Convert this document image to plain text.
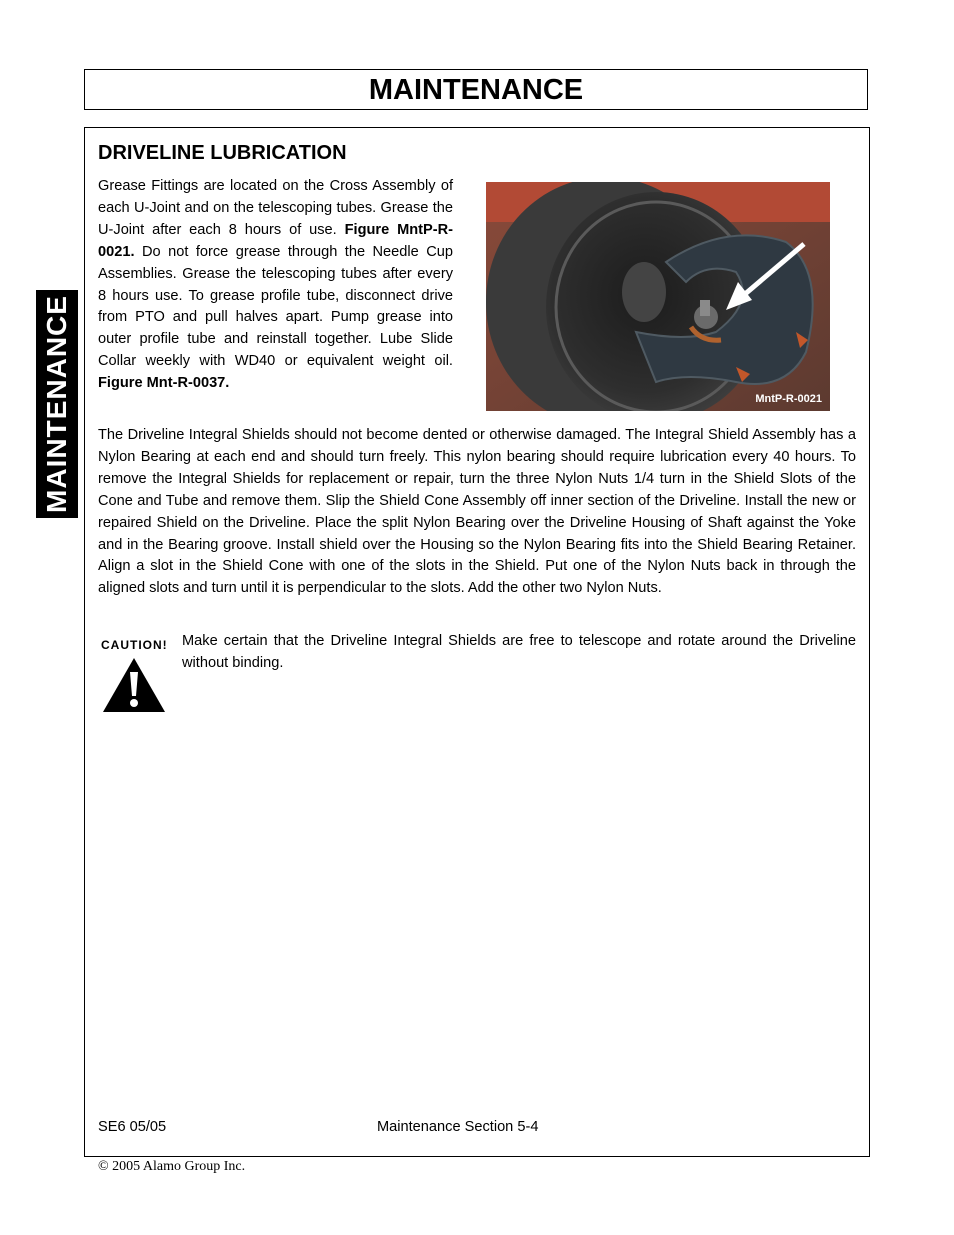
MAINTENANCE
MAINTENANCE
DRIVELINE LUBRICATION

Grease Fittings are located on the Cross Assembly of each U-Joint and on the telescoping tubes. Grease the U-Joint after each 8 hours of use. Figure MntP-R-0021. Do not force grease through the Needle Cup Assemblies. Grease the telescoping tubes after every 8 hours use. To grease profile tube, disconnect drive from PTO and pull halves apart. Pump grease into outer profile tube and reinstall together. Lube Slide Collar weekly with WD40 or equivalent weight oil. Figure Mnt-R-0037.

MntP-R-0021

The Driveline Integral Shields should not become dented or otherwise damaged. The Integral Shield Assembly has a Nylon Bearing at each end and should turn freely. This nylon bearing should require lubrication every 40 hours. To remove the Integral Shields for replacement or repair, turn the three Nylon Nuts 1/4 turn in the Shield Slots of the Cone and Tube and remove them. Slip the Shield Cone Assembly off inner section of the Driveline. Install the new or repaired Shield on the Driveline. Place the split Nylon Bearing over the Driveline Housing of Shaft against the Yoke and in the Bearing groove. Install shield over the Housing so the Nylon Bearing fits into the Shield Bearing Retainer. Align a slot in the Shield Cone with one of the slots in the Shield. Put one of the Nylon Nuts back in through the aligned slots and turn until it is perpendicular to the slots. Add the other two Nylon Nuts.

CAUTION! Make certain that the Driveline Integral Shields are free to telescope and rotate around the Driveline without binding.

SE6 05/05	Maintenance Section 5-4
© 2005 Alamo Group Inc.
